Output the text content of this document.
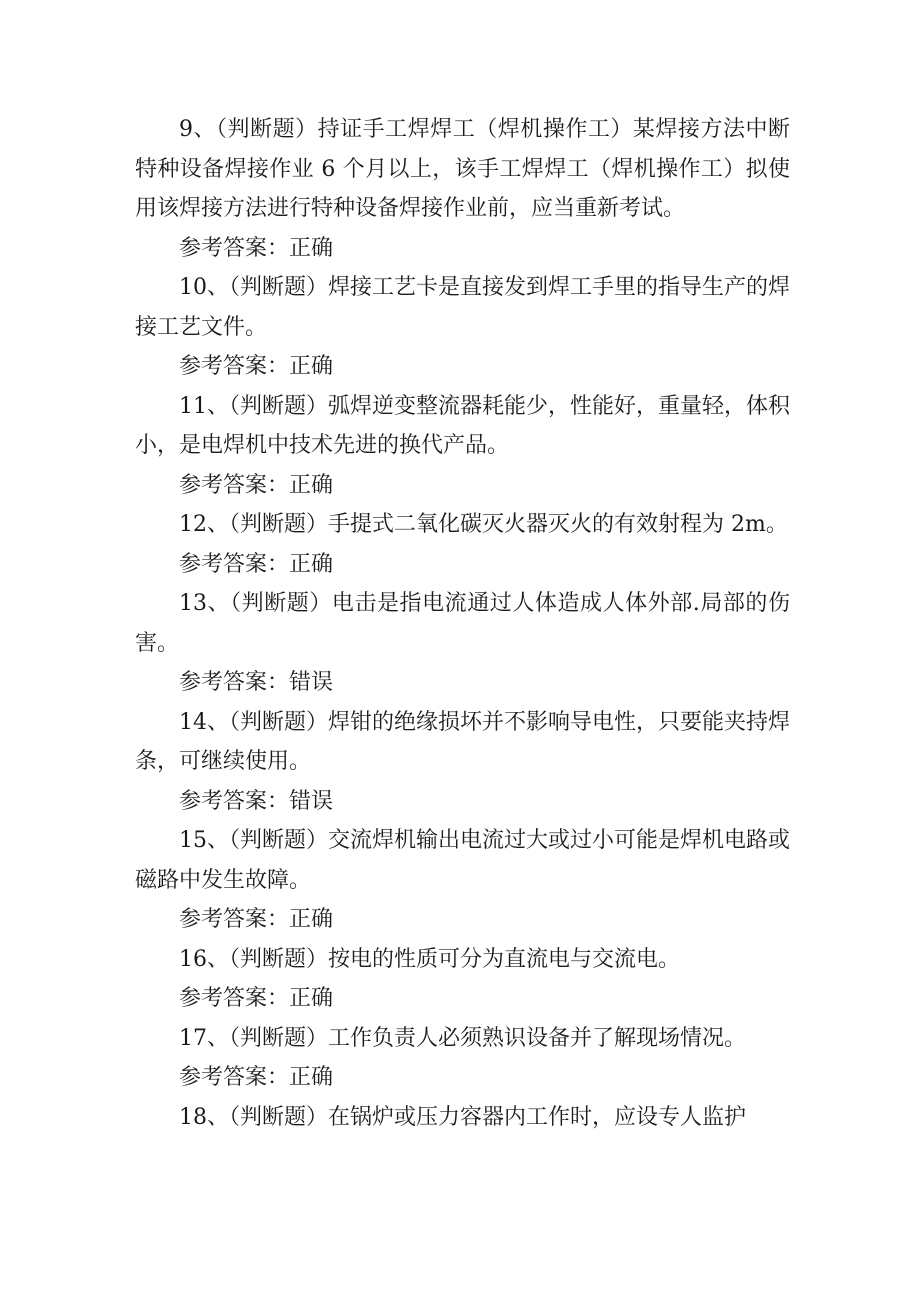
9、（判断题）持证手工焊焊工（焊机操作工）某焊接方法中断特种设备焊接作业 6 个月以上，该手工焊焊工（焊机操作工）拟使用该焊接方法进行特种设备焊接作业前，应当重新考试。

参考答案：正确

10、（判断题）焊接工艺卡是直接发到焊工手里的指导生产的焊接工艺文件。

参考答案：正确

11、（判断题）弧焊逆变整流器耗能少，性能好，重量轻，体积小，是电焊机中技术先进的换代产品。

参考答案：正确

12、（判断题）手提式二氧化碳灭火器灭火的有效射程为 2m。

参考答案：正确

13、（判断题）电击是指电流通过人体造成人体外部.局部的伤害。

参考答案：错误

14、（判断题）焊钳的绝缘损坏并不影响导电性，只要能夹持焊条，可继续使用。

参考答案：错误

15、（判断题）交流焊机输出电流过大或过小可能是焊机电路或磁路中发生故障。

参考答案：正确

16、（判断题）按电的性质可分为直流电与交流电。

参考答案：正确

17、（判断题）工作负责人必须熟识设备并了解现场情况。

参考答案：正确

18、（判断题）在锅炉或压力容器内工作时，应设专人监护
